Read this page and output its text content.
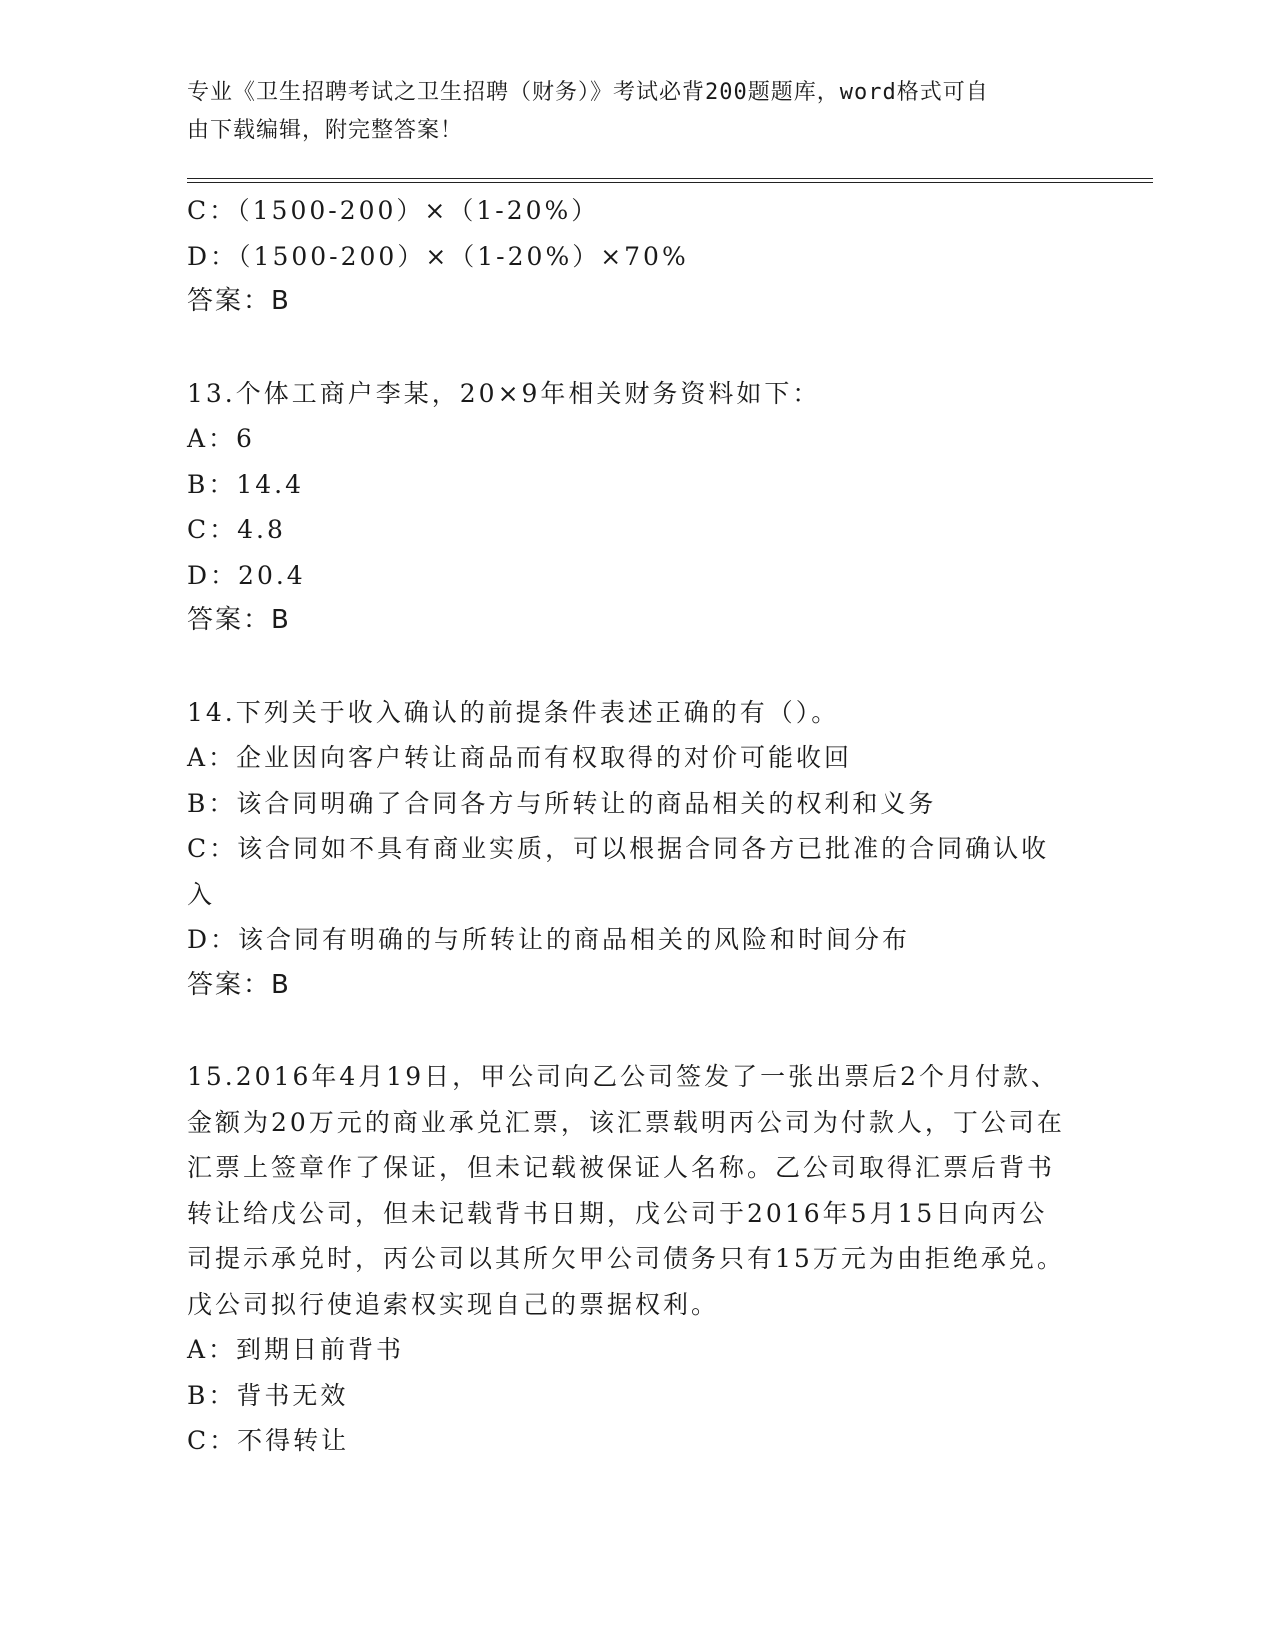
专业《卫生招聘考试之卫生招聘（财务）》考试必背200题题库，word格式可自
由下载编辑，附完整答案！
C：（1500-200）×（1-20%）
D：（1500-200）×（1-20%）×70%
答案：B
13.个体工商户李某，20×9年相关财务资料如下：
A：6
B：14.4
C：4.8
D：20.4
答案：B
14.下列关于收入确认的前提条件表述正确的有（）。
A：企业因向客户转让商品而有权取得的对价可能收回
B：该合同明确了合同各方与所转让的商品相关的权利和义务
C：该合同如不具有商业实质，可以根据合同各方已批准的合同确认收入
D：该合同有明确的与所转让的商品相关的风险和时间分布
答案：B
15.2016年4月19日，甲公司向乙公司签发了一张出票后2个月付款、金额为20万元的商业承兑汇票，该汇票载明丙公司为付款人，丁公司在汇票上签章作了保证，但未记载被保证人名称。乙公司取得汇票后背书转让给戊公司，但未记载背书日期，戊公司于2016年5月15日向丙公司提示承兑时，丙公司以其所欠甲公司债务只有15万元为由拒绝承兑。戊公司拟行使追索权实现自己的票据权利。
A：到期日前背书
B：背书无效
C：不得转让
